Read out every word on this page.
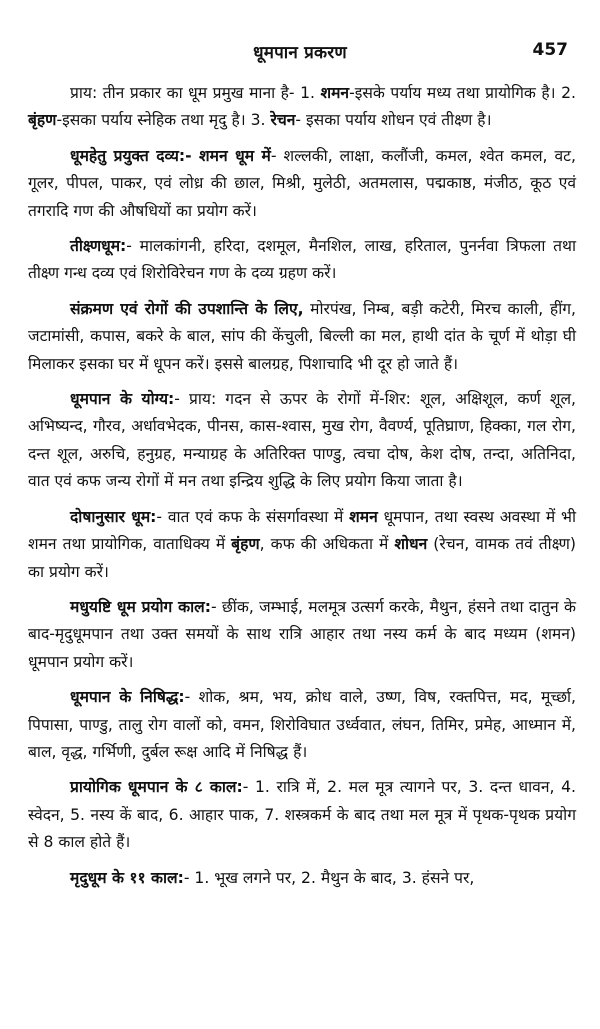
धूमपान प्रकरण	457

प्राय: तीन प्रकार का धूम प्रमुख माना है- 1. शमन-इसके पर्याय मध्य तथा प्रायोगिक है। 2. बृंहण-इसका पर्याय स्नेहिक तथा मृदु है। 3. रेचन- इसका पर्याय शोधन एवं तीक्ष्ण है।

धूमहेतु प्रयुक्त दव्य:- शमन धूम में- शल्लकी, लाक्षा, कलौंजी, कमल, श्वेत कमल, वट, गूलर, पीपल, पाकर, एवं लोध्र की छाल, मिश्री, मुलेठी, अतमलास, पद्मकाष्ठ, मंजीठ, कूठ एवं तगरादि गण की औषधियों का प्रयोग करें।

तीक्ष्णधूम:- मालकांगनी, हरिदा, दशमूल, मैनशिल, लाख, हरिताल, पुनर्नवा त्रिफला तथा तीक्ष्ण गन्ध दव्य एवं शिरोविरेचन गण के दव्य ग्रहण करें।

संक्रमण एवं रोगों की उपशान्ति के लिए, मोरपंख, निम्ब, बड़ी कटेरी, मिरच काली, हींग, जटामांसी, कपास, बकरे के बाल, सांप की केंचुली, बिल्ली का मल, हाथी दांत के चूर्ण में थोड़ा घी मिलाकर इसका घर में धूपन करें। इससे बालग्रह, पिशाचादि भी दूर हो जाते हैं।

धूमपान के योग्य:- प्राय: गदन से ऊपर के रोगों में-शिर: शूल, अक्षिशूल, कर्ण शूल, अभिष्यन्द, गौरव, अर्धावभेदक, पीनस, कास-श्वास, मुख रोग, वैवर्ण्य, पूतिघ्राण, हिक्का, गल रोग, दन्त शूल, अरुचि, हनुग्रह, मन्याग्रह के अतिरिक्त पाण्डु, त्वचा दोष, केश दोष, तन्दा, अतिनिदा, वात एवं कफ जन्य रोगों में मन तथा इन्द्रिय शुद्धि के लिए प्रयोग किया जाता है।

दोषानुसार धूम:- वात एवं कफ के संसर्गावस्था में शमन धूमपान, तथा स्वस्थ अवस्था में भी शमन तथा प्रायोगिक, वाताधिक्य में बृंहण, कफ की अधिकता में शोधन (रेचन, वामक तवं तीक्ष्ण) का प्रयोग करें।

मधुयष्टि धूम प्रयोग काल:- छींक, जम्भाई, मलमूत्र उत्सर्ग करके, मैथुन, हंसने तथा दातुन के बाद-मृदुधूमपान तथा उक्त समयों के साथ रात्रि आहार तथा नस्य कर्म के बाद मध्यम (शमन) धूमपान प्रयोग करें।

धूमपान के निषिद्ध:- शोक, श्रम, भय, क्रोध वाले, उष्ण, विष, रक्तपित्त, मद, मूर्च्छा, पिपासा, पाण्डु, तालु रोग वालों को, वमन, शिरोविघात उर्ध्ववात, लंघन, तिमिर, प्रमेह, आध्मान में, बाल, वृद्ध, गर्भिणी, दुर्बल रूक्ष आदि में निषिद्ध हैं।

प्रायोगिक धूमपान के ८ काल:- 1. रात्रि में, 2. मल मूत्र त्यागने पर, 3. दन्त धावन, 4. स्वेदन, 5. नस्य कें बाद, 6. आहार पाक, 7. शस्त्रकर्म के बाद तथा मल मूत्र में पृथक-पृथक प्रयोग से 8 काल होते हैं।

मृदुधूम के ११ काल:- 1. भूख लगने पर, 2. मैथुन के बाद, 3. हंसने पर,
